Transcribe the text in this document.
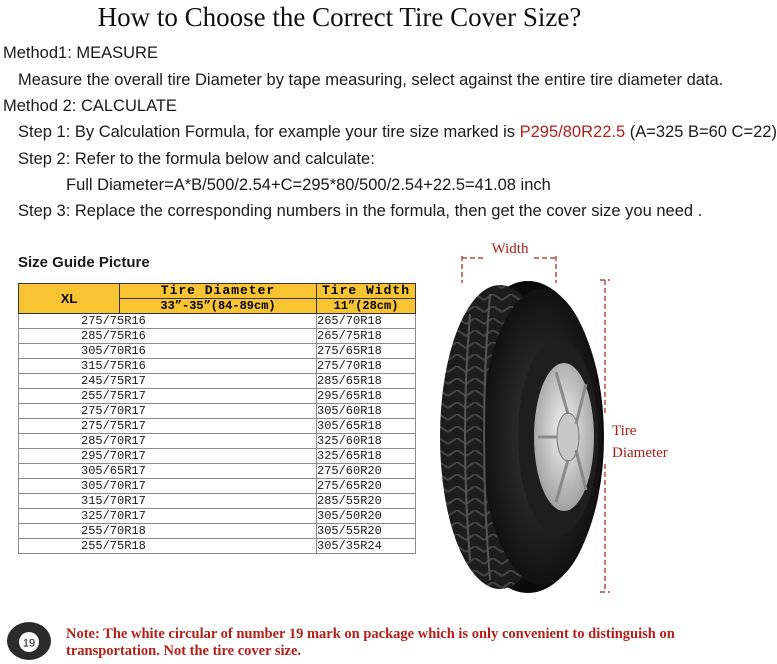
How to Choose the Correct Tire Cover Size?
Method1: MEASURE
Measure the overall tire Diameter by tape measuring, select against the entire tire diameter data.
Method 2: CALCULATE
Step 1: By Calculation Formula, for example your tire size marked is P295/80R22.5 (A=325 B=60 C=22)
Step 2: Refer to the formula below and calculate:
Full Diameter=A*B/500/2.54+C=295*80/500/2.54+22.5=41.08 inch
Step 3: Replace the corresponding numbers in the formula, then get the cover size you need .
Size Guide Picture
XL	Tire Diameter	Tire Width
	33”-35”(84-89cm)	11”(28cm)
275/75R16		265/70R18
285/75R16		265/75R18
305/70R16		275/65R18
315/75R16		275/70R18
245/75R17		285/65R18
255/75R17		295/65R18
275/70R17		305/60R18
275/75R17		305/65R18
285/70R17		325/60R18
295/70R17		325/65R18
305/65R17		275/60R20
305/70R17		275/65R20
315/70R17		285/55R20
325/70R17		305/50R20
255/70R18		305/55R20
255/75R18		305/35R24
Width
Tire
Diameter
19
Note: The white circular of number 19 mark on package which is only convenient to distinguish on transportation. Not the tire cover size.
